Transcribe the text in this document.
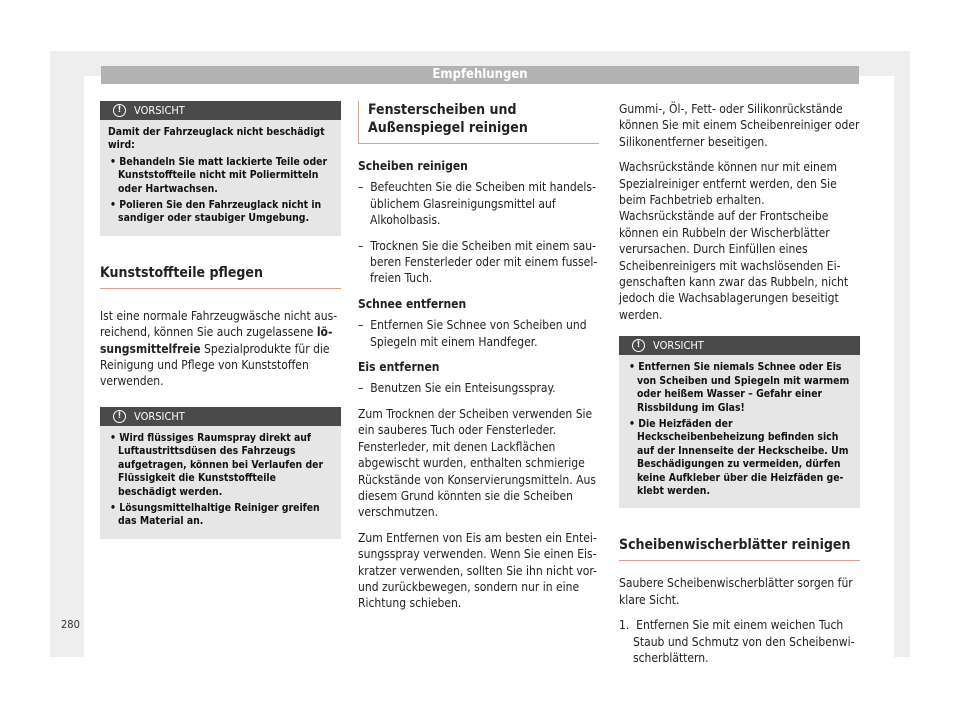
Empfehlungen
!	VORSICHT

Damit der Fahrzeuglack nicht beschädigt wird:

• Behandeln Sie matt lackierte Teile oder Kunststoffteile nicht mit Poliermitteln oder Hartwachsen.

• Polieren Sie den Fahrzeuglack nicht in sandiger oder staubiger Umgebung.

Kunststoffteile pflegen

Ist eine normale Fahrzeugwäsche nicht ausreichend, können Sie auch zugelassene lösungsmittelfreie Spezialprodukte für die Reinigung und Pflege von Kunststoffen verwenden.

!	VORSICHT

• Wird flüssiges Raumspray direkt auf Luftaustrittsdüsen des Fahrzeugs aufgetragen, können bei Verlaufen der Flüssigkeit die Kunststoffteile beschädigt werden.

• Lösungsmittelhaltige Reiniger greifen das Material an.

Fensterscheiben und Außenspiegel reinigen

Scheiben reinigen

–  Befeuchten Sie die Scheiben mit handelsüblichem Glasreinigungsmittel auf Alkoholbasis.

–  Trocknen Sie die Scheiben mit einem sauberen Fensterleder oder mit einem fusselfreien Tuch.

Schnee entfernen

–  Entfernen Sie Schnee von Scheiben und Spiegeln mit einem Handfeger.

Eis entfernen

–  Benutzen Sie ein Enteisungsspray.

Zum Trocknen der Scheiben verwenden Sie ein sauberes Tuch oder Fensterleder. Fensterleder, mit denen Lackflächen abgewischt wurden, enthalten schmierige Rückstände von Konservierungsmitteln. Aus diesem Grund könnten sie die Scheiben verschmutzen.

Zum Entfernen von Eis am besten ein Enteisungsspray verwenden. Wenn Sie einen Eiskratzer verwenden, sollten Sie ihn nicht vor- und zurückbewegen, sondern nur in eine Richtung schieben.

Gummi-, Öl-, Fett- oder Silikonrückstände können Sie mit einem Scheibenreiniger oder Silikonentferner beseitigen.

Wachsrückstände können nur mit einem Spezialreiniger entfernt werden, den Sie beim Fachbetrieb erhalten. Wachsrückstände auf der Frontscheibe können ein Rubbeln der Wischerblätter verursachen. Durch Einfüllen eines Scheibenreinigers mit wachslösenden Eigenschaften kann zwar das Rubbeln, nicht jedoch die Wachsablagerungen beseitigt werden.

!	VORSICHT

• Entfernen Sie niemals Schnee oder Eis von Scheiben und Spiegeln mit warmem oder heißem Wasser – Gefahr einer Rissbildung im Glas!

• Die Heizfäden der Heckscheibenbeheizung befinden sich auf der Innenseite der Heckscheibe. Um Beschädigungen zu vermeiden, dürfen keine Aufkleber über die Heizfäden geklebt werden.

Scheibenwischerblätter reinigen

Saubere Scheibenwischerblätter sorgen für klare Sicht.

1. Entfernen Sie mit einem weichen Tuch Staub und Schmutz von den Scheibenwischerblättern.

280
